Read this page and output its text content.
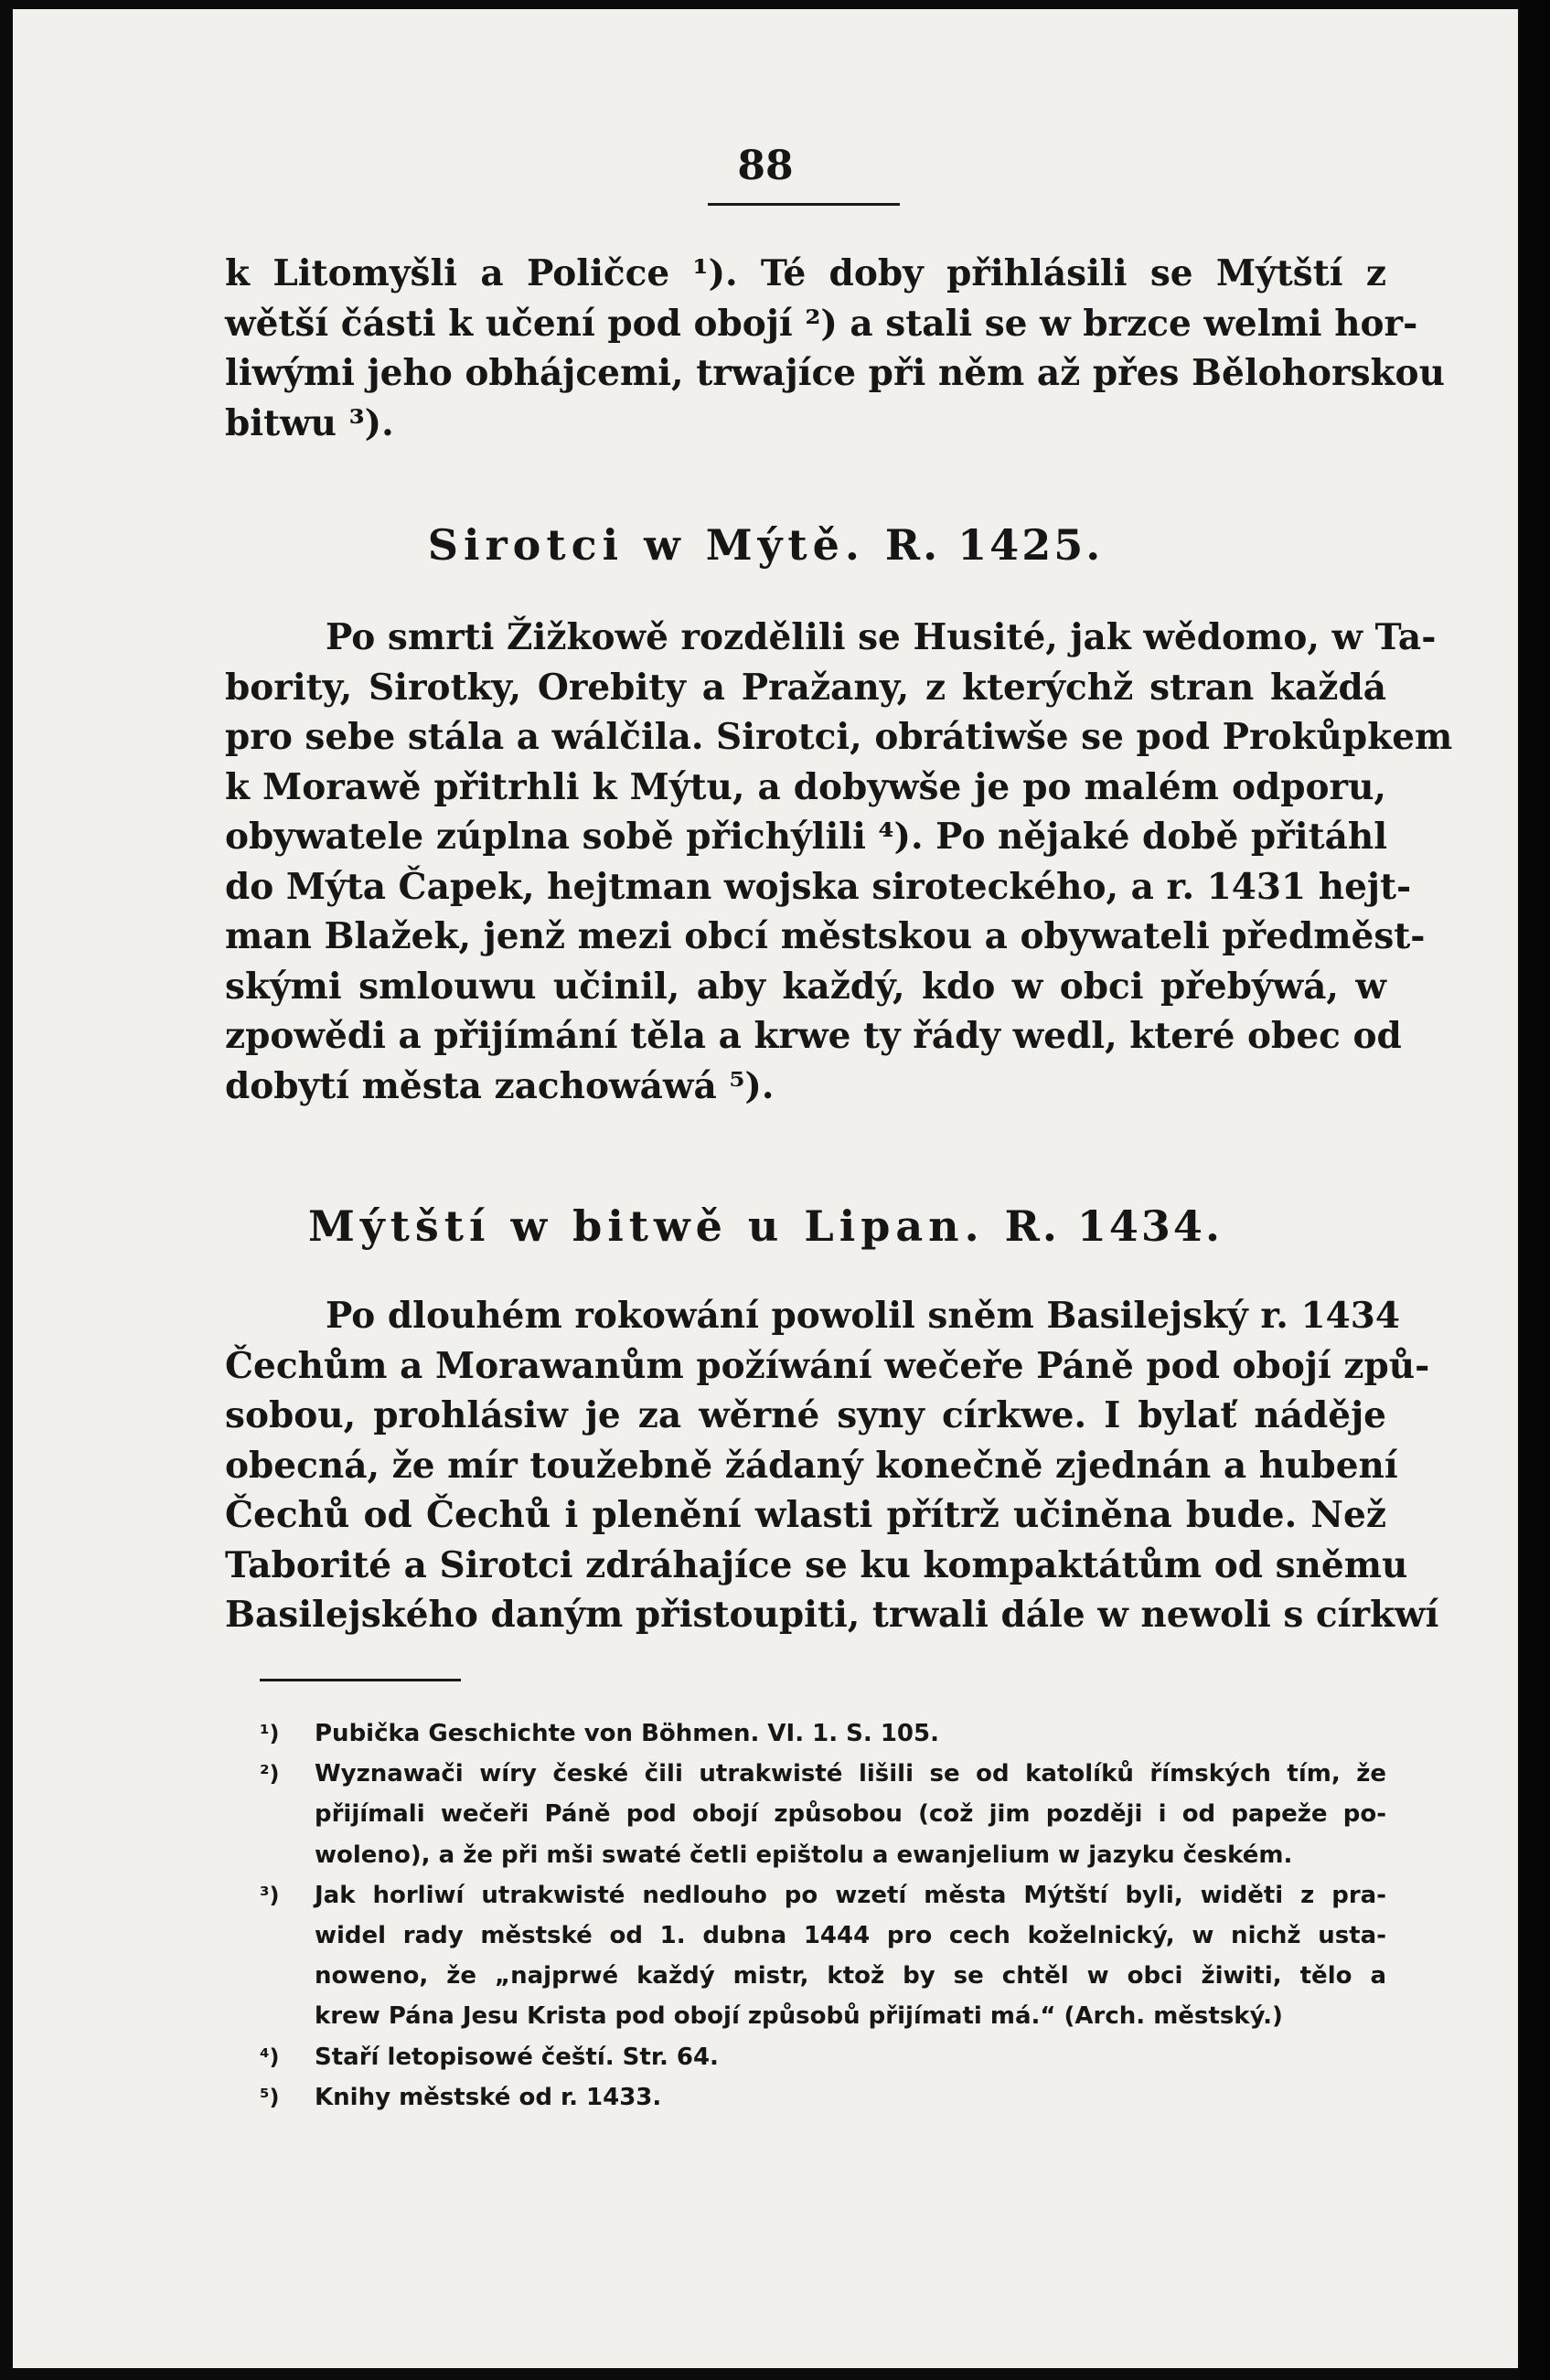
88
k Litomyšli a Poličce ¹). Té doby přihlásili se Mýtští z
wětší části k učení pod obojí ²) a stali se w brzce welmi hor-
liwými jeho obhájcemi, trwajíce při něm až přes Bělohorskou
bitwu ³).
Sirotci w Mýtě. R. 1425.
Po smrti Žižkowě rozdělili se Husité, jak wědomo, w Ta-
bority, Sirotky, Orebity a Pražany, z kterýchž stran každá
pro sebe stála a wálčila. Sirotci, obrátiwše se pod Prokůpkem
k Morawě přitrhli k Mýtu, a dobywše je po malém odporu,
obywatele zúplna sobě přichýlili ⁴). Po nějaké době přitáhl
do Mýta Čapek, hejtman wojska siroteckého, a r. 1431 hejt-
man Blažek, jenž mezi obcí městskou a obywateli předměst-
skými smlouwu učinil, aby každý, kdo w obci přebýwá, w
zpowědi a přijímání těla a krwe ty řády wedl, které obec od
dobytí města zachowáwá ⁵).
Mýtští w bitwě u Lipan. R. 1434.
Po dlouhém rokowání powolil sněm Basilejský r. 1434
Čechům a Morawanům požíwání wečeře Páně pod obojí způ-
sobou, prohlásiw je za wěrné syny církwe. I bylať náděje
obecná, že mír toužebně žádaný konečně zjednán a hubení
Čechů od Čechů i plenění wlasti přítrž učiněna bude. Než
Taborité a Sirotci zdráhajíce se ku kompaktátům od sněmu
Basilejského daným přistoupiti, trwali dále w newoli s církwí
¹) Pubička Geschichte von Böhmen. VI. 1. S. 105.
²) Wyznawači wíry české čili utrakwisté lišili se od katolíků římských tím, že
přijímali wečeři Páně pod obojí způsobou (což jim později i od papeže po-
woleno), a že při mši swaté četli epištolu a ewanjelium w jazyku českém.
³) Jak horliwí utrakwisté nedlouho po wzetí města Mýtští byli, widěti z pra-
widel rady městské od 1. dubna 1444 pro cech koželnický, w nichž usta-
noweno, že „najprwé každý mistr, ktož by se chtěl w obci žiwiti, tělo a
krew Pána Jesu Krista pod obojí způsobů přijímati má.“ (Arch. městský.)
⁴) Staří letopisowé čeští. Str. 64.
⁵) Knihy městské od r. 1433.
